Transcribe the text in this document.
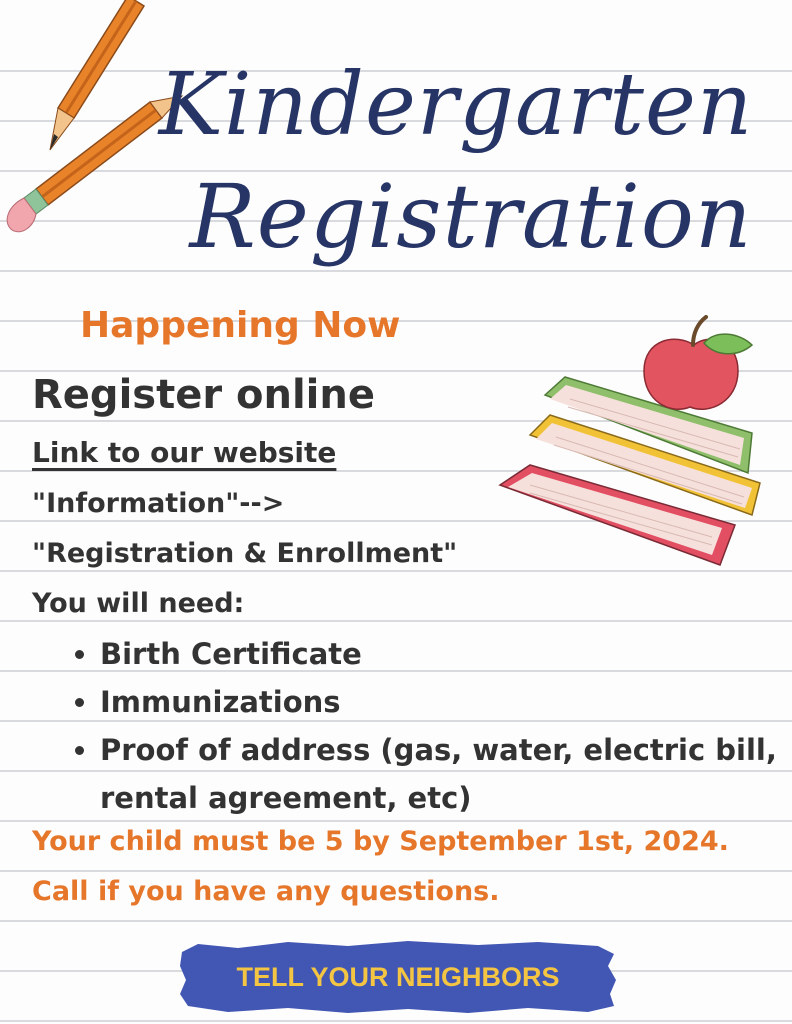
Kindergarten
Registration
Happening Now
Register online

Link to our website

"Information"-->

"Registration & Enrollment"

You will need:

• Birth Certificate
• Immunizations
• Proof of address (gas, water, electric bill, rental agreement, etc)

Your child must be 5 by September 1st, 2024.

Call if you have any questions.

TELL YOUR NEIGHBORS
